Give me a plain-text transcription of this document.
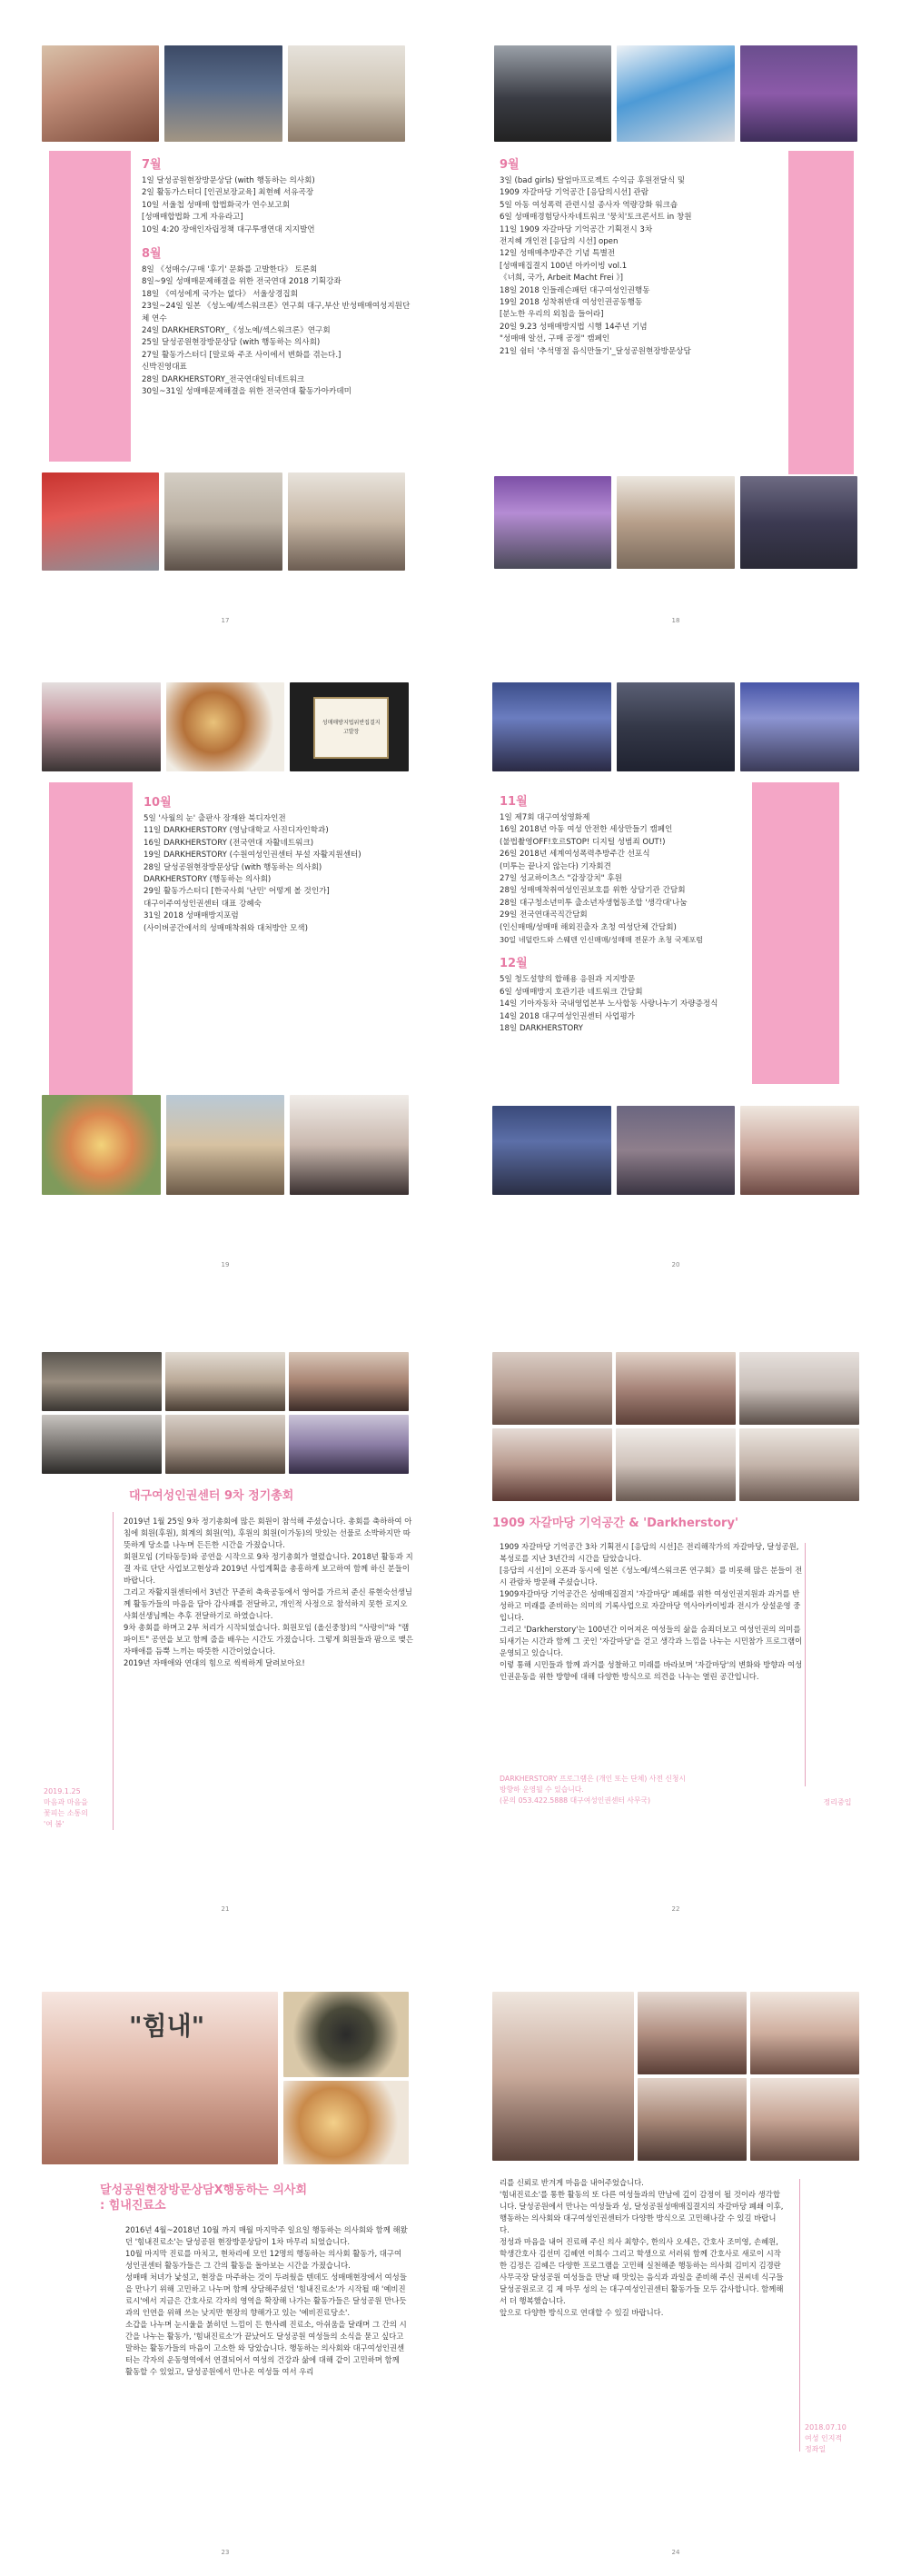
7월
1일 달성공원현장방문상담 (with 행동하는 의사회)
2일 활동가스터디 [인권보장교육] 최현혜 서유곡장
10일 서울첩 성매매 합법화국가 연수보고회
[성매매합법화 그게 자유라고]
10일 4:20 장애인자립정책 대구투쟁연대 지지발언
8월
8일 《성매수/구매 '후기' 문화를 고발한다》 토론회
8일~9일 성매매문제해결을 위한 전국연대 2018 기획강좌
18일 《여성에게 국가는 없다》 서울상경집회
23일~24일 일본 《성노예/섹스워크론》연구회 대구,부산 반성매매여성지원단체 연수
24일 DARKHERSTORY_《성노예/섹스워크론》연구회
25일 달성공원현장방문상담 (with 행동하는 의사회)
27일 활동가스터디 [말로와 주조 사이에서 변화를 겪는다.]
신박진영대표
28일 DARKHERSTORY_전국연대일터네트워크
30일~31일 성매매문제해결을 위한 전국연대 활동가아카데미
17
9월
3일 (bad girls) 탈엄마프로젝트 수익금 후원전달식 및
1909 자갈마당 기억공간 [응답의시선] 관람
5일 아동 여성폭력 관련시설 종사자 역량강화 워크숍
6일 성매매경험당사자네트워크 '뭉치'토크콘서트 in 창원
11일 1909 자갈마당 기억공간 기획전시 3차
전지혜 개인전 [응답의 시선] open
12일 성매매추방주간 기념 특별전
[성매매집결지 100년 아카이빙 vol.1
《너희, 국가, Arbeit Macht Frei 》]
18일 2018 인들레슨패턴 대구여성인권행동
19일 2018 성착취반대 여성인권공동행동
[분노한 우리의 외침을 들어라]
20일 9.23 성매매방지법 시행 14주년 기념
"성매매 알선, 구매 공정" 캠페인
21일 쉼터 '추석명절 음식만들기'_달성공원현장방문상담
18
성매매방지법위반집결지
고발장
10월
5일 '사월의 눈' 출판사 장재완 북디자인전
11일 DARKHERSTORY (영남대학교 사진디자인학과)
16일 DARKHERSTORY (전국연대 자활네트워크)
19일 DARKHERSTORY (수원여성인권센터 부설 자활지원센터)
28일 달성공원현장방문상담 (with 행동하는 의사회)
DARKHERSTORY (행동하는 의사회)
29일 활동가스터디 [한국사회 '난민' 어떻게 볼 것인가]
대구이주여성인권센터 대표 강혜숙
31일 2018 성매매방지포럼
(사이버공간에서의 성매매착취와 대처방안 모색)
19
11월
1일 제7회 대구여성영화제
16일 2018년 아동 여성 안전한 세상만들기 캠페인
(불법촬영OFF!호르STOP! 디지털 성범죄 OUT!)
26일 2018년 세계여성폭력추방주간 선포식
(미투는 끝나지 않는다) 기자회견
27일 성교하이츠스 "감장강치" 후원
28일 성매매착취여성인권보호를 위한 상담기관 간담회
28일 대구청소년미투 출소년자생협동조합 '생각대'나눔
29일 전국연대곡직간담회
(인신매매/성매매 해외진출자 초청 여성단체 간담회)
30일 네덜란드와 스웨덴 인신매매/성매매 전문가 초청 국제포럼
12월
5일 청도설향의 합해용 응원과 지지방문
6일 성매매방지 호관기관 네트워크 간담회
14일 기아자동차 국내영업본부 노사합동 사랑나누기 자량증정식
14일 2018 대구여성인권센터 사업평가
18일 DARKHERSTORY
20
대구여성인권센터 9차 정기총회

2019년 1월 25일 9차 정기총회에 많은 회원이 참석해 주셨습니다. 총회를 축하하여 아침에 회원(후원), 회계의 회원(역), 후원의 회원(이가동)의 맛있는 선물로 소박하지만 따뜻하게 당소를 나누며 든든한 시간을 가졌습니다.
회원모임 (기타동등)와 공연을 시작으로 9차 정기총회가 열렸습니다. 2018년 활동과 지결 자료 단단 사업보고현상과 2019년 사업계획을 총흥하게 보고하여 함께 하신 분들이 바랍니다.
그리고 자활지원센터에서 3년간 꾸준히 축육공동에서 영어를 가르쳐 준신 류현숙선생님께 활동가들의 마음을 담아 감사패를 전달하고, 개인적 사정으로 참석하지 못한 로지오 사회선생님께는 추후 전달하기로 하였습니다.
9차 총회를 하며고 2부 처리가 시작되었습니다. 회원모임 (올신중창)의 "사랑이"와 "램파이트" 공연을 보고 함께 줍을 배우는 시간도 가졌습니다. 그렇게 회원들과 팜으로 맺은 자매애를 듬뿍 느끼는 따뜻한 시간이었습니다.
2019년 자매애와 연대의 힘으로 씩씩하게 달려보아요!

2019.1.25
마음과 마음을
꽃피는 소통의
'여 봄'
21
1909 자갈마당 기억공간 & 'Darkherstory'

1909 자갈마당 기억공간 3차 기획전시 [응답의 시선]은 전리해작가의 자갈마당, 달성공원, 복성로를 지난 3년간의 시간을 담았습니다.
[응답의 시선]이 오픈과 동시에 일본《성노예/섹스워크론 연구회》를 비롯해 많은 분들이 전시 관람차 방문해 주셨습니다.
1909자갈마당 기억공간은 성매매집결지 '자갈마당' 폐쇄를 위한 여성인권지원과 과거를 반성하고 미래를 준비하는 의미의 기록사업으로 자갈마당 역사아카이빙과 전시가 상설운영 중입니다.
그리고 'Darkherstory'는 100년간 이어져온 여성들의 삶을 숨죄더보고 여성인권의 의미를 되새기는 시간과 함께 그 곳인 '자갈마당'을 걷고 생각과 느낌을 나누는 시민참가 프로그램이 운영되고 있습니다.
이렇 통해 시민들과 함께 과거를 성찰하고 미래를 바라보며 '자갈마당'의 변화와 방향과 여성인권운동을 위한 방향에 대해 다양한 방식으로 의견을 나누는 열린 공간입니다.

DARKHERSTORY 프로그램은 (개인 또는 단체) 사전 신청시
방향하 운영될 수 있습니다.
(문의 053.422.5888 대구여성인권센터 사무국)	정리중입
22
"힘내"
달성공원현장방문상담X행동하는 의사회
: 힘내진료소

2016년 4월~2018년 10월 까지 매월 마지막주 일요일 행동하는 의사회와 함께 해왔던 '힘내진료소'는 달성공원 현장방문상담이 1차 마무리 되었습니다.
10월 마지막 진료를 마치고, 현차리에 모인 12명의 행동하는 의사회 활동가, 대구여성인권센터 활동가들은 그 간의 활동을 돌아보는 시간을 가졌습니다.
성매매 처녀가 낯설고, 현장을 마주하는 것이 두려웠을 텐데도 성매매현장에서 여성들을 만나기 위해 고민하고 나누며 함께 상담해주셨던 '힘내진료소'가 시작될 때 '예비진료시'에서 지금은 간호사로 각자의 영역을 확장해 나가는 활동가들은 달성공원 만나듯과의 인연을 위해 쓰는 낮지만 현장의 향해가고 있는 '예비진료당소'.
소갑을 나누며 눈시울을 붉히던 느낌이 든 한사례 진료소, 아쉬움을 달래며 그 간의 시간을 나누는 활동가, '힘내진료소'가 끝났어도 달성공원 여성들의 소식을 묻고 싶다고 말하는 활동가들의 마음이 고소한 와 당았습니다. 행동하는 의사회와 대구여성인권센터는 각자의 운동영역에서 연결되어서 여성의 건강과 삶에 대해 같이 고민하며 함께 활동할 수 있었고, 달성공원에서 만나온 여성들 여서 우리

23

리를 신뢰로 반겨게 마음을 내어주었습니다.
'힘내진료소'를 통한 활동의 또 다른 여성들과의 만남에 깊이 감정이 될 것이라 생각합니다. 달성공원에서 만나는 여성들과 성, 달성공원성매매집결지의 자갈마당 폐쇄 이후, 행동하는 의사회와 대구여성인권센터가 다양한 방식으로 고민해나갈 수 있길 바랍니다.
정성과 마음을 내어 진료해 주신 의사 최향수, 한의사 오세은, 간호사 조미영, 손혜원, 학생간호사 김선미 김혜연 이희수 그리고 학생으로 서러워 함께 간호사로 새로이 시작한 김정은 김혜은 다양한 프로그램을 고민해 실천해준 행동하는 의사회 김미지 김경란 사무국장 달성공원 여성들을 만날 때 맛있는 음식과 과일을 준비해 주신 권씨네 식구들 달성공원로코 김 제 마무 성의 는 대구여성인권센터 활동가들 모두 감사합니다. 함께해서 더 행복했습니다.
앞으로 다양한 방식으로 연대할 수 있길 바랍니다.

2018.07.10
여성 인지적
정좌일
24
